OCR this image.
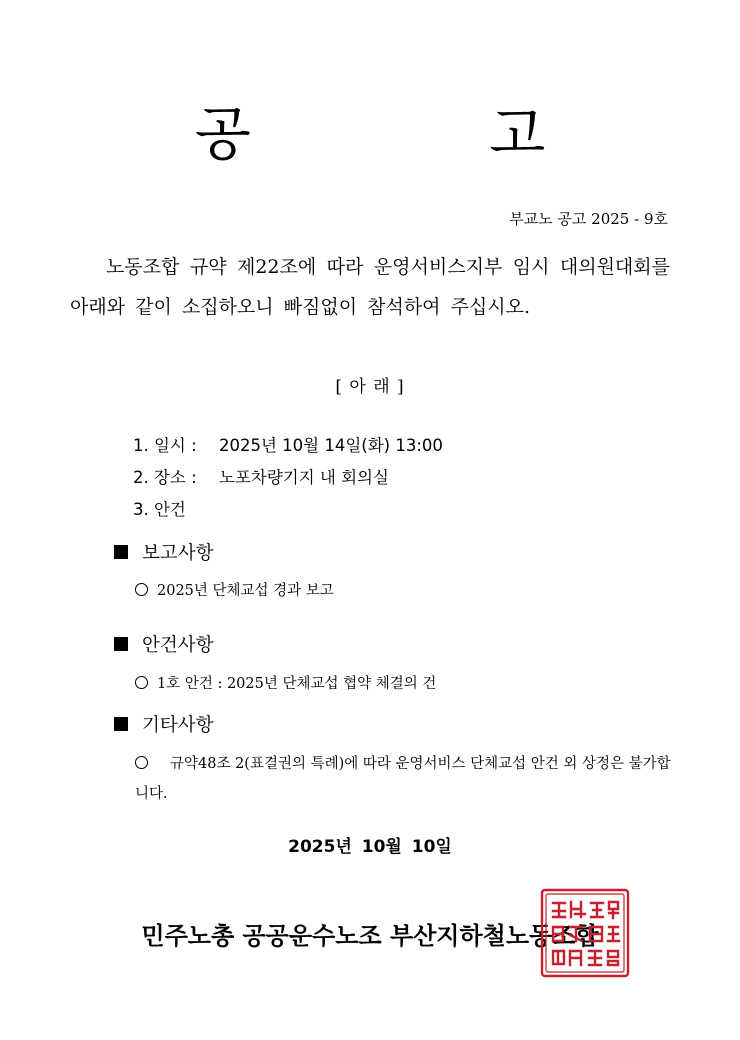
공 고
부교노 공고 2025 - 9호
노동조합 규약 제22조에 따라 운영서비스지부 임시 대의원대회를 아래와 같이 소집하오니 빠짐없이 참석하여 주십시오.
[ 아 래 ]
1. 일시 : 2025년 10월 14일(화) 13:00
2. 장소 : 노포차량기지 내 회의실
3. 안건
보고사항
2025년 단체교섭 경과 보고
안건사항
1호 안건 : 2025년 단체교섭 협약 체결의 건
기타사항
규약48조 2(표결권의 특례)에 따라 운영서비스 단체교섭 안건 외 상정은 불가합니다.
2025년 10월 10일
민주노총 공공운수노조 부산지하철노동조합
